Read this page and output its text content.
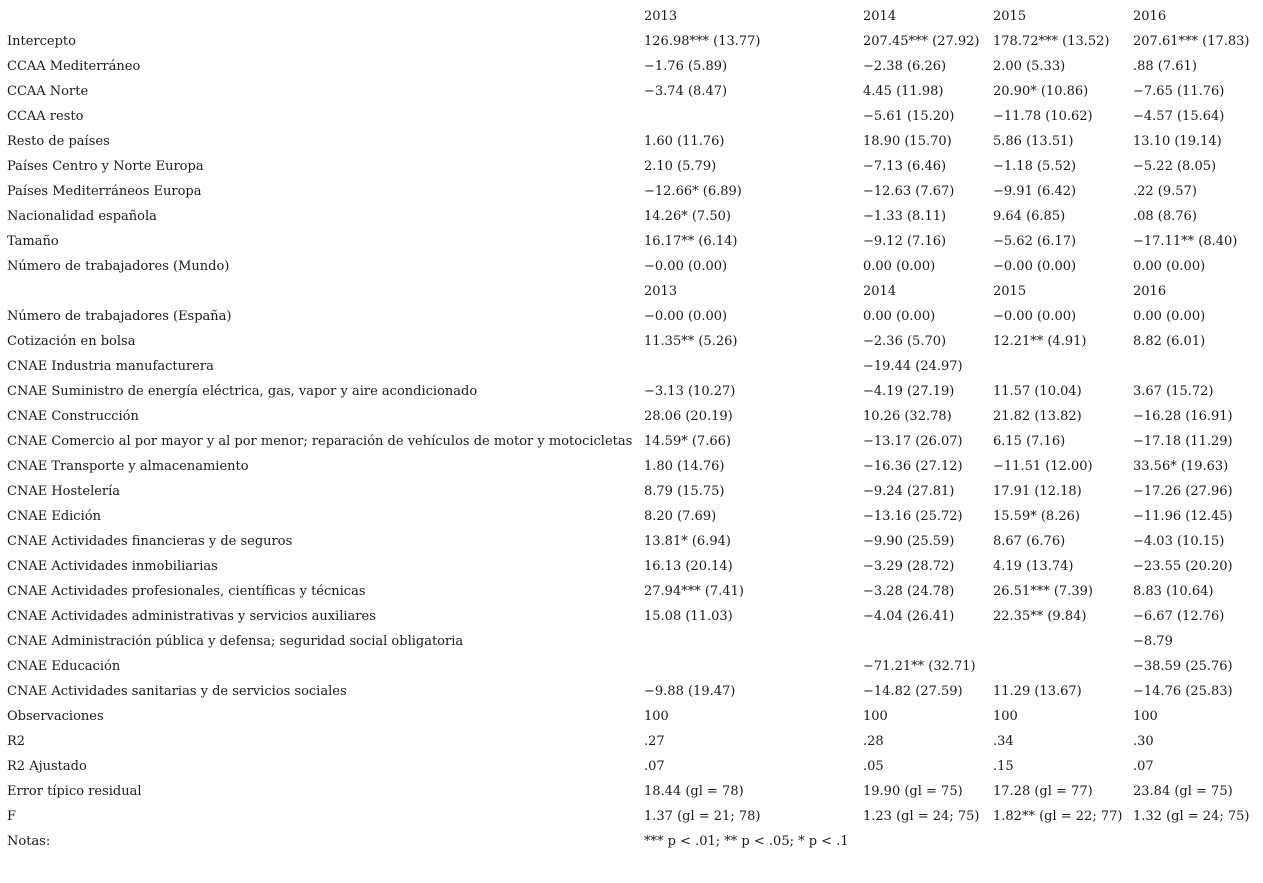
	2013	2014	2015	2016
Intercepto	126.98*** (13.77)	207.45*** (27.92)	178.72*** (13.52)	207.61*** (17.83)
CCAA Mediterráneo	−1.76 (5.89)	−2.38 (6.26)	2.00 (5.33)	.88 (7.61)
CCAA Norte	−3.74 (8.47)	4.45 (11.98)	20.90* (10.86)	−7.65 (11.76)
CCAA resto		−5.61 (15.20)	−11.78 (10.62)	−4.57 (15.64)
Resto de países	1.60 (11.76)	18.90 (15.70)	5.86 (13.51)	13.10 (19.14)
Países Centro y Norte Europa	2.10 (5.79)	−7.13 (6.46)	−1.18 (5.52)	−5.22 (8.05)
Países Mediterráneos Europa	−12.66* (6.89)	−12.63 (7.67)	−9.91 (6.42)	.22 (9.57)
Nacionalidad española	14.26* (7.50)	−1.33 (8.11)	9.64 (6.85)	.08 (8.76)
Tamaño	16.17** (6.14)	−9.12 (7.16)	−5.62 (6.17)	−17.11** (8.40)
Número de trabajadores (Mundo)	−0.00 (0.00)	0.00 (0.00)	−0.00 (0.00)	0.00 (0.00)
	2013	2014	2015	2016
Número de trabajadores (España)	−0.00 (0.00)	0.00 (0.00)	−0.00 (0.00)	0.00 (0.00)
Cotización en bolsa	11.35** (5.26)	−2.36 (5.70)	12.21** (4.91)	8.82 (6.01)
CNAE Industria manufacturera		−19.44 (24.97)		
CNAE Suministro de energía eléctrica, gas, vapor y aire acondicionado	−3.13 (10.27)	−4.19 (27.19)	11.57 (10.04)	3.67 (15.72)
CNAE Construcción	28.06 (20.19)	10.26 (32.78)	21.82 (13.82)	−16.28 (16.91)
CNAE Comercio al por mayor y al por menor; reparación de vehículos de motor y motocicletas	14.59* (7.66)	−13.17 (26.07)	6.15 (7.16)	−17.18 (11.29)
CNAE Transporte y almacenamiento	1.80 (14.76)	−16.36 (27.12)	−11.51 (12.00)	33.56* (19.63)
CNAE Hostelería	8.79 (15.75)	−9.24 (27.81)	17.91 (12.18)	−17.26 (27.96)
CNAE Edición	8.20 (7.69)	−13.16 (25.72)	15.59* (8.26)	−11.96 (12.45)
CNAE Actividades financieras y de seguros	13.81* (6.94)	−9.90 (25.59)	8.67 (6.76)	−4.03 (10.15)
CNAE Actividades inmobiliarias	16.13 (20.14)	−3.29 (28.72)	4.19 (13.74)	−23.55 (20.20)
CNAE Actividades profesionales, científicas y técnicas	27.94*** (7.41)	−3.28 (24.78)	26.51*** (7.39)	8.83 (10.64)
CNAE Actividades administrativas y servicios auxiliares	15.08 (11.03)	−4.04 (26.41)	22.35** (9.84)	−6.67 (12.76)
CNAE Administración pública y defensa; seguridad social obligatoria				−8.79
CNAE Educación		−71.21** (32.71)		−38.59 (25.76)
CNAE Actividades sanitarias y de servicios sociales	−9.88 (19.47)	−14.82 (27.59)	11.29 (13.67)	−14.76 (25.83)
Observaciones	100	100	100	100
R2	.27	.28	.34	.30
R2 Ajustado	.07	.05	.15	.07
Error típico residual	18.44 (gl = 78)	19.90 (gl = 75)	17.28 (gl = 77)	23.84 (gl = 75)
F	1.37 (gl = 21; 78)	1.23 (gl = 24; 75)	1.82** (gl = 22; 77)	1.32 (gl = 24; 75)
Notas:	*** p < .01; ** p < .05; * p < .1			
